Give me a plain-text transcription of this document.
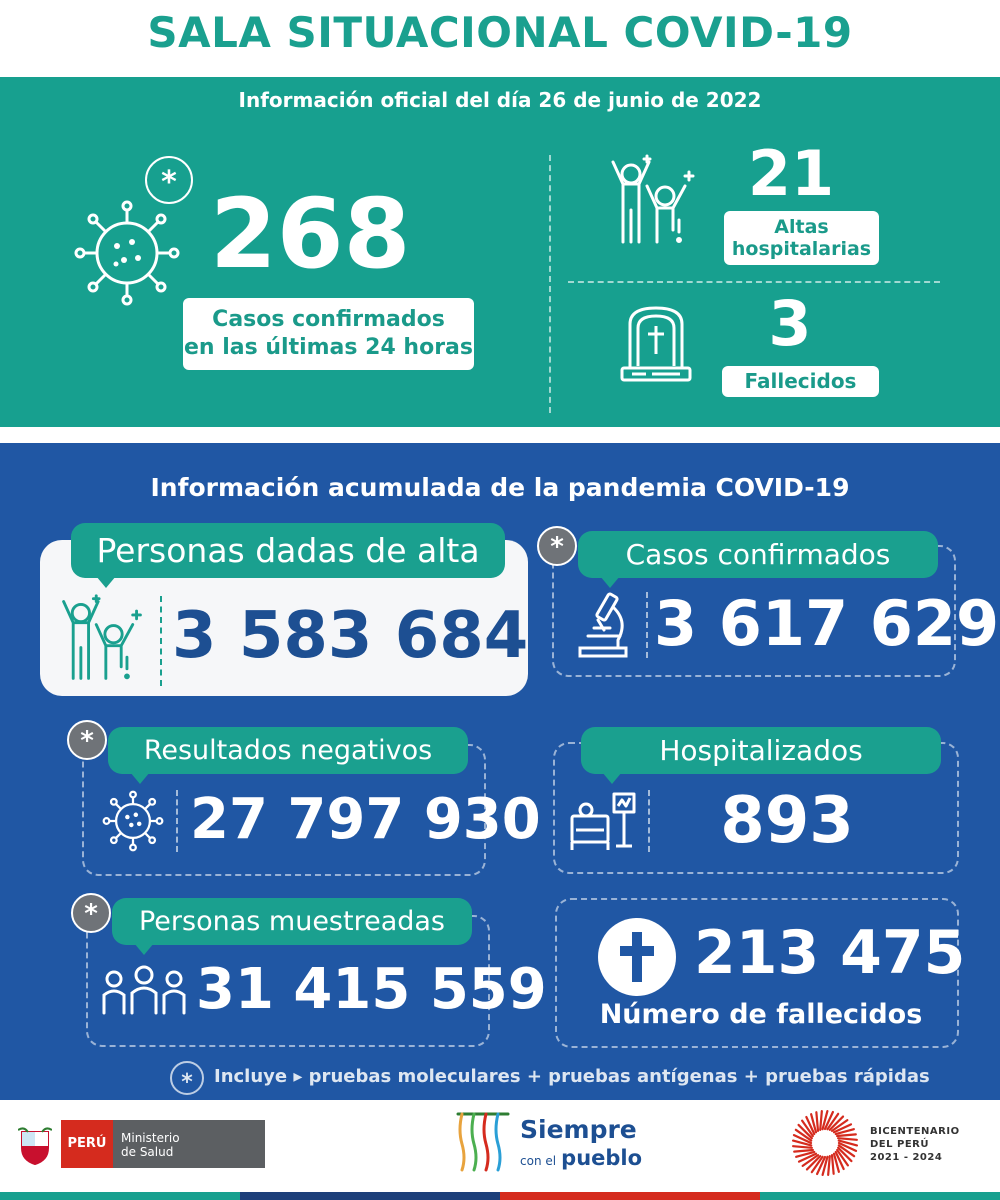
SALA SITUACIONAL COVID-19
Información oficial del día 26 de junio de 2022
* 268
Casos confirmados
en las últimas 24 horas
21
Altas
hospitalarias
3
Fallecidos
Información acumulada de la pandemia COVID-19
Personas dadas de alta
3 583 684
Casos confirmados
*
3 617 629
Resultados negativos
*
27 797 930
Hospitalizados
893
Personas muestreadas
*
31 415 559
213 475
Número de fallecidos
*	Incluye ▸ pruebas moleculares + pruebas antígenas + pruebas rápidas
PERÚ	Ministerio
de Salud
Siempre
con el pueblo
BICENTENARIO
DEL PERÚ
2021 - 2024
